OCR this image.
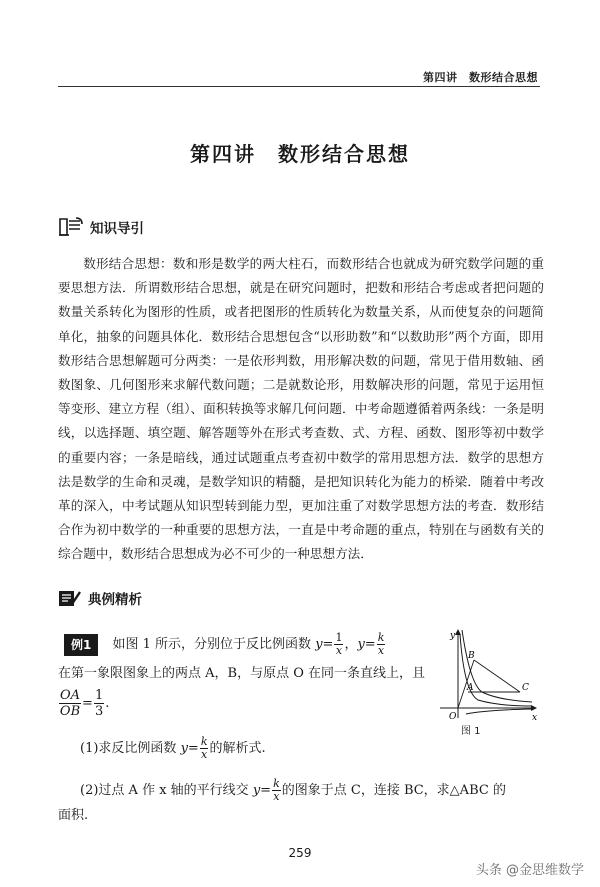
第四讲　数形结合思想
第四讲　数形结合思想
知识导引

数形结合思想：数和形是数学的两大柱石，而数形结合也就成为研究数学问题的重要思想方法．所谓数形结合思想，就是在研究问题时，把数和形结合考虑或者把问题的数量关系转化为图形的性质，或者把图形的性质转化为数量关系，从而使复杂的问题简单化，抽象的问题具体化．数形结合思想包含“以形助数”和“以数助形”两个方面，即用数形结合思想解题可分两类：一是依形判数，用形解决数的问题，常见于借用数轴、函数图象、几何图形来求解代数问题；二是就数论形，用数解决形的问题，常见于运用恒等变形、建立方程（组）、面积转换等求解几何问题．中考命题遵循着两条线：一条是明线，以选择题、填空题、解答题等外在形式考查数、式、方程、函数、图形等初中数学的重要内容；一条是暗线，通过试题重点考查初中数学的常用思想方法．数学的思想方法是数学的生命和灵魂，是数学知识的精髓，是把知识转化为能力的桥梁．随着中考改革的深入，中考试题从知识型转到能力型，更加注重了对数学思想方法的考查．数形结合作为初中数学的一种重要的思想方法，一直是中考命题的重点，特别在与函数有关的综合题中，数形结合思想成为必不可少的一种思想方法．

典例精析
例1 如图 1 所示，分别位于反比例函数 $y= \frac{1}{x}$ ，$y= \frac{k}{x}$
在第一象限图象上的两点 A，B，与原点 O 在同一条直线上，且
$\frac{OA}{OB} = \frac{1}{3}$ .
(1)求反比例函数 $y= \frac{k}{x}$ 的解析式.
(2)过点 A 作 x 轴的平行线交 $y= \frac{k}{x}$ 的图象于点 C，连接 BC，求△ABC 的
面积.
y
x
O
A
B
C
图 1
259
头条 @金思维数学
